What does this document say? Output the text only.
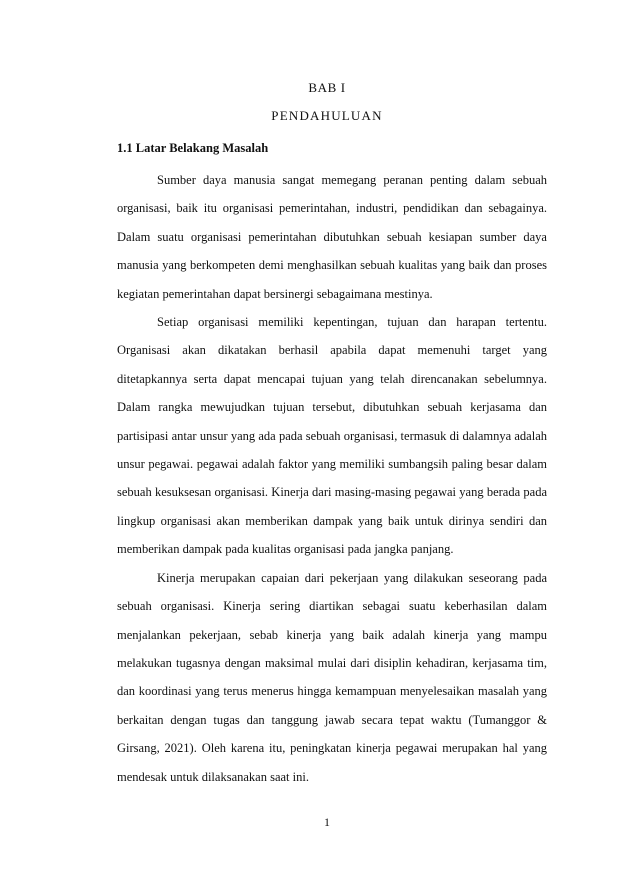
BAB I
PENDAHULUAN
1.1 Latar Belakang Masalah

Sumber daya manusia sangat memegang peranan penting dalam sebuah organisasi, baik itu organisasi pemerintahan, industri, pendidikan dan sebagainya. Dalam suatu organisasi pemerintahan dibutuhkan sebuah kesiapan sumber daya manusia yang berkompeten demi menghasilkan sebuah kualitas yang baik dan proses kegiatan pemerintahan dapat bersinergi sebagaimana mestinya.

Setiap organisasi memiliki kepentingan, tujuan dan harapan tertentu. Organisasi akan dikatakan berhasil apabila dapat memenuhi target yang ditetapkannya serta dapat mencapai tujuan yang telah direncanakan sebelumnya. Dalam rangka mewujudkan tujuan tersebut, dibutuhkan sebuah kerjasama dan partisipasi antar unsur yang ada pada sebuah organisasi, termasuk di dalamnya adalah unsur pegawai. pegawai adalah faktor yang memiliki sumbangsih paling besar dalam sebuah kesuksesan organisasi. Kinerja dari masing-masing pegawai yang berada pada lingkup organisasi akan memberikan dampak yang baik untuk dirinya sendiri dan memberikan dampak pada kualitas organisasi pada jangka panjang.

Kinerja merupakan capaian dari pekerjaan yang dilakukan seseorang pada sebuah organisasi. Kinerja sering diartikan sebagai suatu keberhasilan dalam menjalankan pekerjaan, sebab kinerja yang baik adalah kinerja yang mampu melakukan tugasnya dengan maksimal mulai dari disiplin kehadiran, kerjasama tim, dan koordinasi yang terus menerus hingga kemampuan menyelesaikan masalah yang berkaitan dengan tugas dan tanggung jawab secara tepat waktu (Tumanggor & Girsang, 2021). Oleh karena itu, peningkatan kinerja pegawai merupakan hal yang mendesak untuk dilaksanakan saat ini.

1
